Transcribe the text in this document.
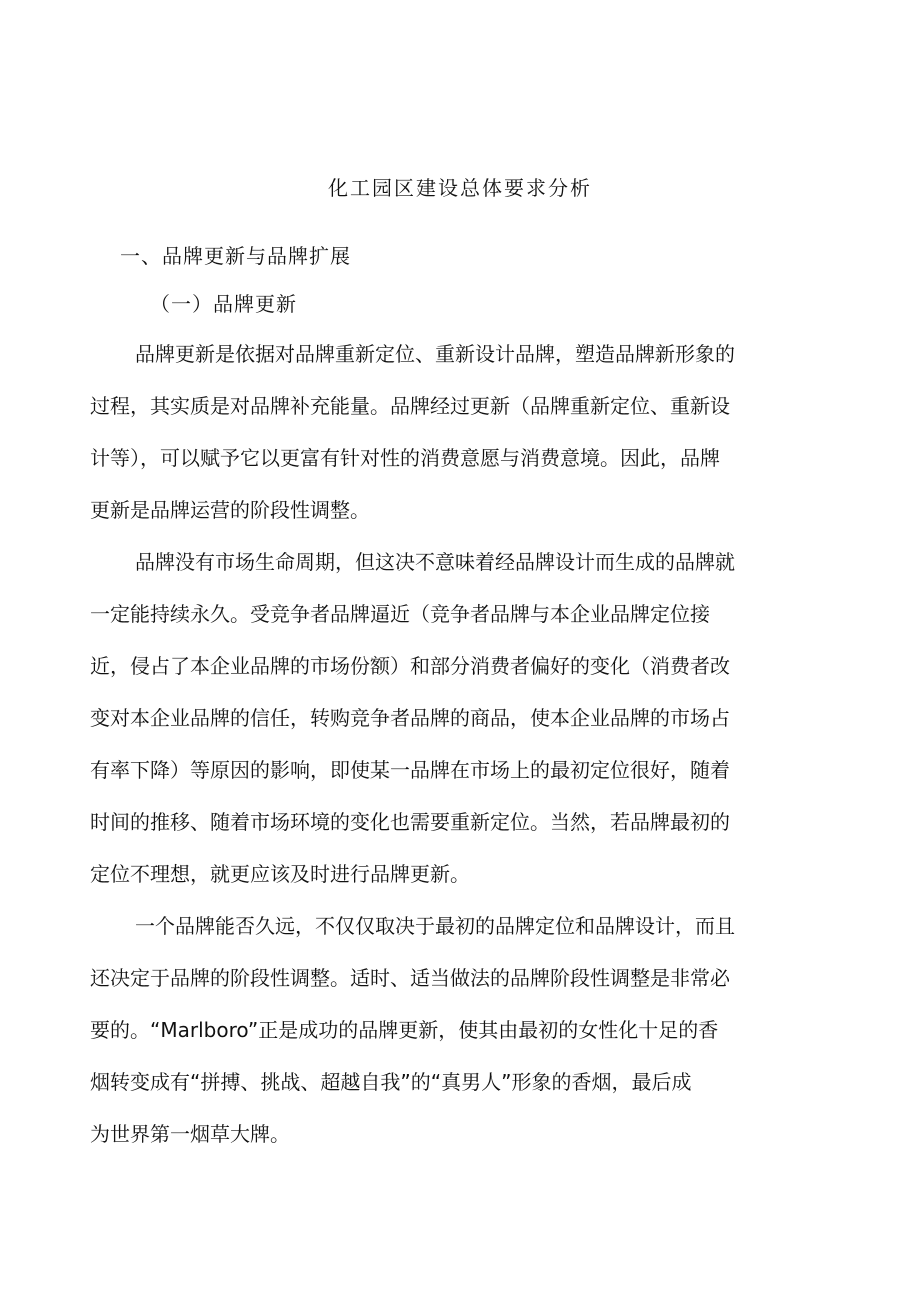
化工园区建设总体要求分析
一、品牌更新与品牌扩展
（一）品牌更新
品牌更新是依据对品牌重新定位、重新设计品牌，塑造品牌新形象的
过程，其实质是对品牌补充能量。品牌经过更新（品牌重新定位、重新设
计等），可以赋予它以更富有针对性的消费意愿与消费意境。因此，品牌
更新是品牌运营的阶段性调整。
品牌没有市场生命周期，但这决不意味着经品牌设计而生成的品牌就
一定能持续永久。受竞争者品牌逼近（竞争者品牌与本企业品牌定位接
近，侵占了本企业品牌的市场份额）和部分消费者偏好的变化（消费者改
变对本企业品牌的信任，转购竞争者品牌的商品，使本企业品牌的市场占
有率下降）等原因的影响，即使某一品牌在市场上的最初定位很好，随着
时间的推移、随着市场环境的变化也需要重新定位。当然，若品牌最初的
定位不理想，就更应该及时进行品牌更新。
一个品牌能否久远，不仅仅取决于最初的品牌定位和品牌设计，而且
还决定于品牌的阶段性调整。适时、适当做法的品牌阶段性调整是非常必
要的。“Marlboro”正是成功的品牌更新，使其由最初的女性化十足的香
烟转变成有“拼搏、挑战、超越自我”的“真男人”形象的香烟，最后成
为世界第一烟草大牌。
